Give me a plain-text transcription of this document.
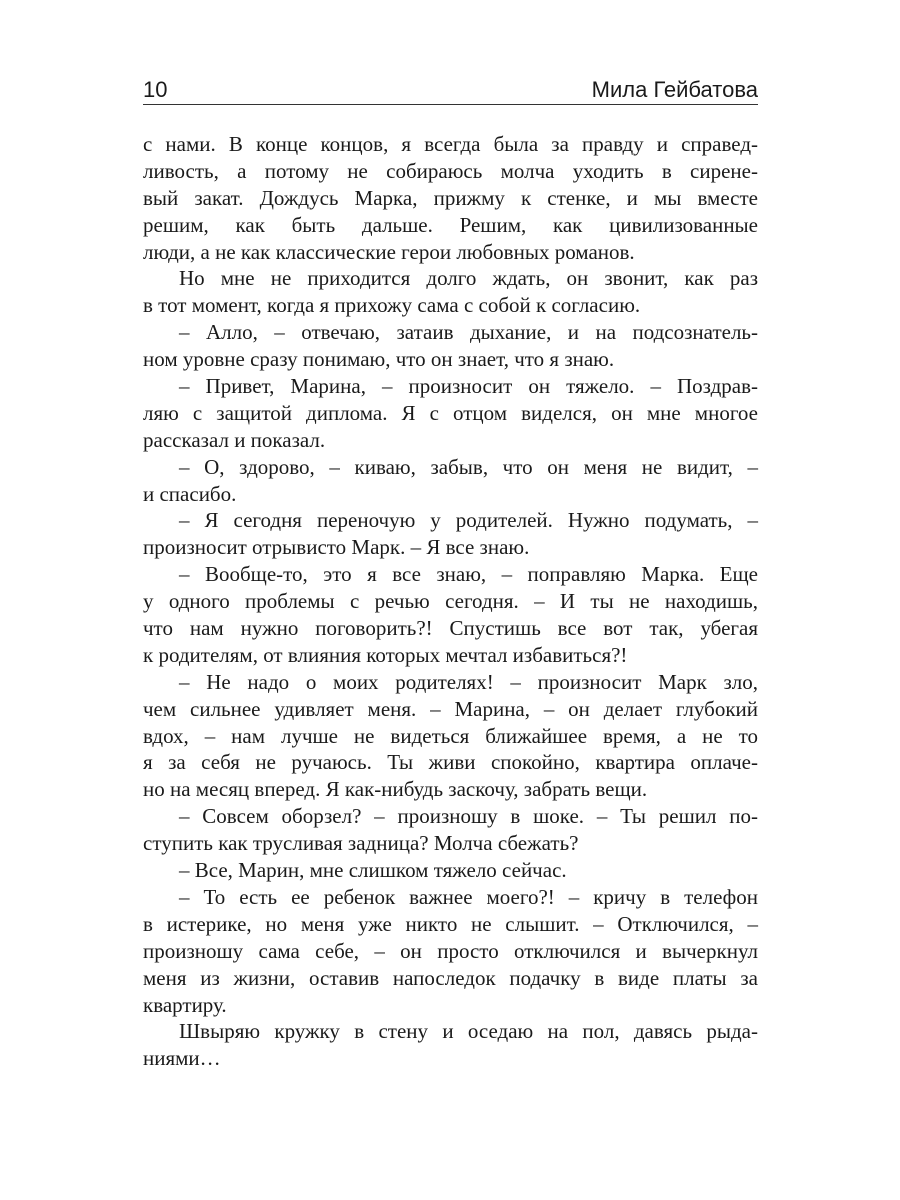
10	Мила Гейбатова
с нами. В конце концов, я всегда была за правду и справед-
ливость, а потому не собираюсь молча уходить в сирене-
вый закат. Дождусь Марка, прижму к стенке, и мы вместе
решим, как быть дальше. Решим, как цивилизованные
люди, а не как классические герои любовных романов.
Но мне не приходится долго ждать, он звонит, как раз
в тот момент, когда я прихожу сама с собой к согласию.
– Алло, – отвечаю, затаив дыхание, и на подсознатель-
ном уровне сразу понимаю, что он знает, что я знаю.
– Привет, Марина, – произносит он тяжело. – Поздрав-
ляю с защитой диплома. Я с отцом виделся, он мне многое
рассказал и показал.
– О, здорово, – киваю, забыв, что он меня не видит, –
и спасибо.
– Я сегодня переночую у родителей. Нужно подумать, –
произносит отрывисто Марк. – Я все знаю.
– Вообще-то, это я все знаю, – поправляю Марка. Еще
у одного проблемы с речью сегодня. – И ты не находишь,
что нам нужно поговорить?! Спустишь все вот так, убегая
к родителям, от влияния которых мечтал избавиться?!
– Не надо о моих родителях! – произносит Марк зло,
чем сильнее удивляет меня. – Марина, – он делает глубокий
вдох, – нам лучше не видеться ближайшее время, а не то
я за себя не ручаюсь. Ты живи спокойно, квартира оплаче-
но на месяц вперед. Я как-нибудь заскочу, забрать вещи.
– Совсем оборзел? – произношу в шоке. – Ты решил по-
ступить как трусливая задница? Молча сбежать?
– Все, Марин, мне слишком тяжело сейчас.
– То есть ее ребенок важнее моего?! – кричу в телефон
в истерике, но меня уже никто не слышит. – Отключился, –
произношу сама себе, – он просто отключился и вычеркнул
меня из жизни, оставив напоследок подачку в виде платы за
квартиру.
Швыряю кружку в стену и оседаю на пол, давясь рыда-
ниями…
